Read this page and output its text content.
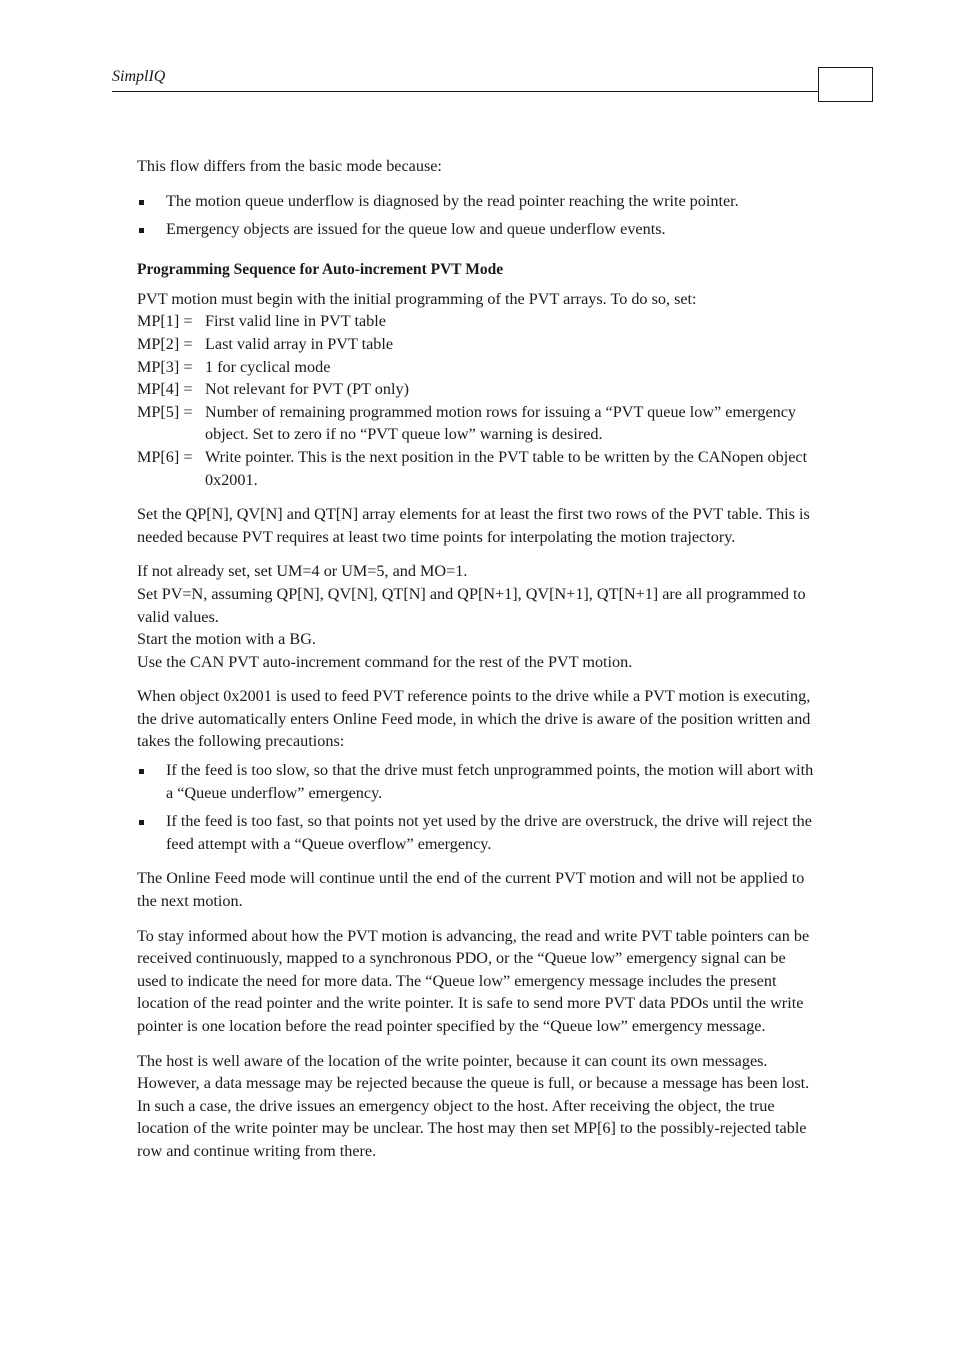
SimplIQ

This flow differs from the basic mode because:

The motion queue underflow is diagnosed by the read pointer reaching the write pointer.
Emergency objects are issued for the queue low and queue underflow events.
Programming Sequence for Auto-increment PVT Mode
PVT motion must begin with the initial programming of the PVT arrays. To do so, set:
MP[1] = First valid line in PVT table
MP[2] = Last valid array in PVT table
MP[3] = 1 for cyclical mode
MP[4] = Not relevant for PVT (PT only)
MP[5] = Number of remaining programmed motion rows for issuing a “PVT queue low” emergency object. Set to zero if no “PVT queue low” warning is desired.
MP[6] = Write pointer. This is the next position in the PVT table to be written by the CANopen object 0x2001.

Set the QP[N], QV[N] and QT[N] array elements for at least the first two rows of the PVT table. This is needed because PVT requires at least two time points for interpolating the motion trajectory.

If not already set, set UM=4 or UM=5, and MO=1.
Set PV=N, assuming QP[N], QV[N], QT[N] and QP[N+1], QV[N+1], QT[N+1] are all programmed to valid values.
Start the motion with a BG.
Use the CAN PVT auto-increment command for the rest of the PVT motion.

When object 0x2001 is used to feed PVT reference points to the drive while a PVT motion is executing, the drive automatically enters Online Feed mode, in which the drive is aware of the position written and takes the following precautions:

If the feed is too slow, so that the drive must fetch unprogrammed points, the motion will abort with a “Queue underflow” emergency.
If the feed is too fast, so that points not yet used by the drive are overstruck, the drive will reject the feed attempt with a “Queue overflow” emergency.

The Online Feed mode will continue until the end of the current PVT motion and will not be applied to the next motion.

To stay informed about how the PVT motion is advancing, the read and write PVT table pointers can be received continuously, mapped to a synchronous PDO, or the “Queue low” emergency signal can be used to indicate the need for more data. The “Queue low” emergency message includes the present location of the read pointer and the write pointer. It is safe to send more PVT data PDOs until the write pointer is one location before the read pointer specified by the “Queue low” emergency message.

The host is well aware of the location of the write pointer, because it can count its own messages. However, a data message may be rejected because the queue is full, or because a message has been lost. In such a case, the drive issues an emergency object to the host. After receiving the object, the true location of the write pointer may be unclear. The host may then set MP[6] to the possibly-rejected table row and continue writing from there.
